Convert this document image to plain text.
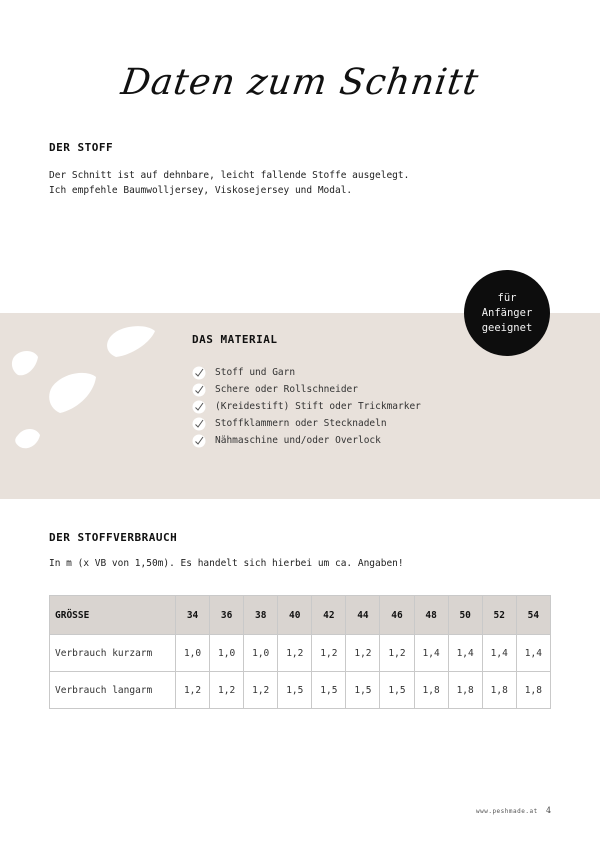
Daten zum Schnitt
DER STOFF
Der Schnitt ist auf dehnbare, leicht fallende Stoffe ausgelegt.
Ich empfehle Baumwolljersey, Viskosejersey und Modal.
für
Anfänger
geeignet
DAS MATERIAL
Stoff und Garn
Schere oder Rollschneider
(Kreidestift) Stift oder Trickmarker
Stoffklammern oder Stecknadeln
Nähmaschine und/oder Overlock
DER STOFFVERBRAUCH
In m (x VB von 1,50m). Es handelt sich hierbei um ca. Angaben!
GRÖSSE	34	36	38	40	42	44	46	48	50	52	54
Verbrauch kurzarm	1,0	1,0	1,0	1,2	1,2	1,2	1,2	1,4	1,4	1,4	1,4
Verbrauch langarm	1,2	1,2	1,2	1,5	1,5	1,5	1,5	1,8	1,8	1,8	1,8
www.peshmade.at 4
